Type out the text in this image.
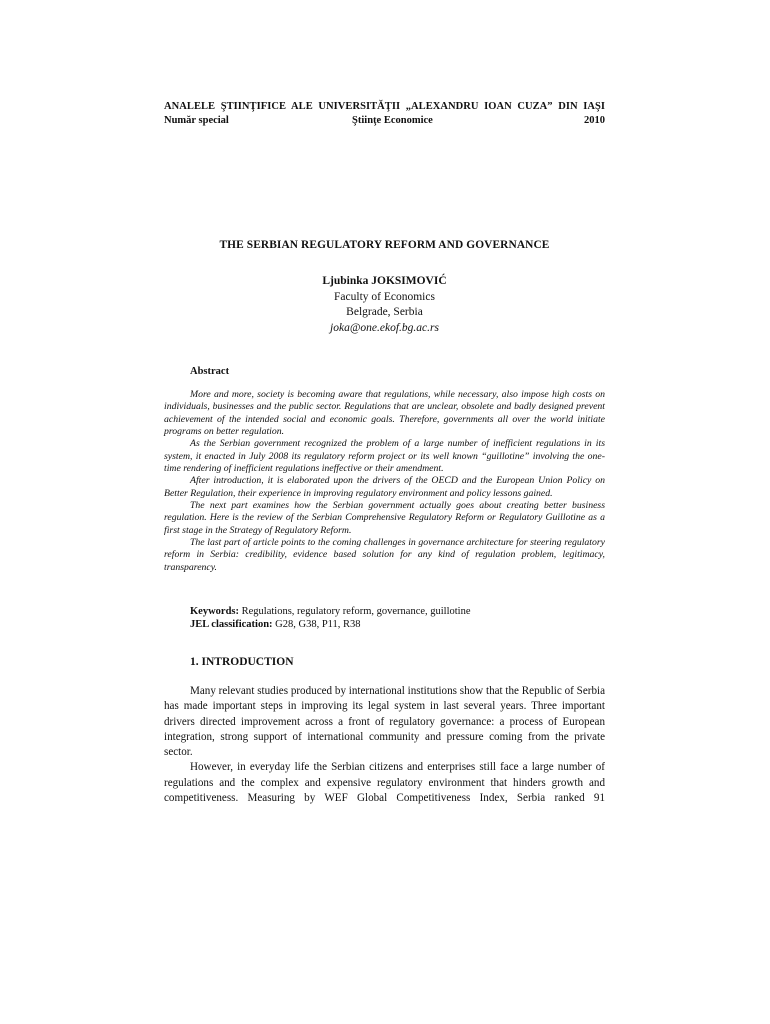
ANALELE ŞTIINŢIFICE ALE UNIVERSITĂŢII „ALEXANDRU IOAN CUZA” DIN IAŞI
Număr special	Ştiinţe Economice	2010
THE SERBIAN REGULATORY REFORM AND GOVERNANCE
Ljubinka JOKSIMOVIĆ
Faculty of Economics
Belgrade, Serbia
joka@one.ekof.bg.ac.rs
Abstract

More and more, society is becoming aware that regulations, while necessary, also impose high costs on individuals, businesses and the public sector. Regulations that are unclear, obsolete and badly designed prevent achievement of the intended social and economic goals. Therefore, governments all over the world initiate programs on better regulation.

As the Serbian government recognized the problem of a large number of inefficient regulations in its system, it enacted in July 2008 its regulatory reform project or its well known “guillotine” involving the one-time rendering of inefficient regulations ineffective or their amendment.

After introduction, it is elaborated upon the drivers of the OECD and the European Union Policy on Better Regulation, their experience in improving regulatory environment and policy lessons gained.

The next part examines how the Serbian government actually goes about creating better business regulation. Here is the review of the Serbian Comprehensive Regulatory Reform or Regulatory Guillotine as a first stage in the Strategy of Regulatory Reform.

The last part of article points to the coming challenges in governance architecture for steering regulatory reform in Serbia: credibility, evidence based solution for any kind of regulation problem, legitimacy, transparency.

Keywords: Regulations, regulatory reform, governance, guillotine
JEL classification: G28, G38, P11, R38
1. INTRODUCTION

Many relevant studies produced by international institutions show that the Republic of Serbia has made important steps in improving its legal system in last several years. Three important drivers directed improvement across a front of regulatory governance: a process of European integration, strong support of international community and pressure coming from the private sector.

However, in everyday life the Serbian citizens and enterprises still face a large number of regulations and the complex and expensive regulatory environment that hinders growth and competitiveness. Measuring by WEF Global Competitiveness Index, Serbia ranked 91
